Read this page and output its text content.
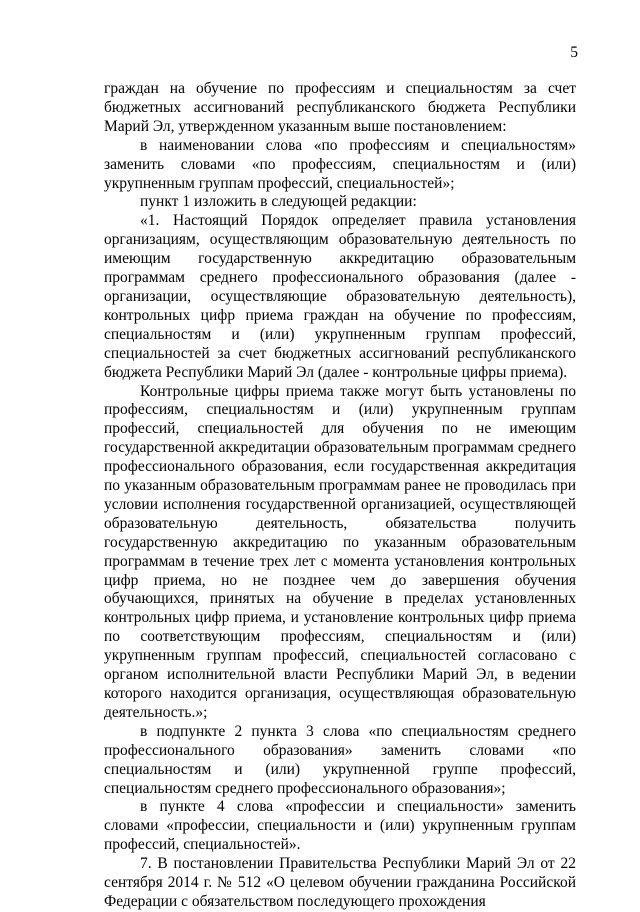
5

граждан на обучение по профессиям и специальностям за счет бюджетных ассигнований республиканского бюджета Республики Марий Эл, утвержденном указанным выше постановлением:

в наименовании слова «по профессиям и специальностям» заменить словами «по профессиям, специальностям и (или) укрупненным группам профессий, специальностей»;

пункт 1 изложить в следующей редакции:

«1. Настоящий Порядок определяет правила установления организациям, осуществляющим образовательную деятельность по имеющим государственную аккредитацию образовательным программам среднего профессионального образования (далее - организации, осуществляющие образовательную деятельность), контрольных цифр приема граждан на обучение по профессиям, специальностям и (или) укрупненным группам профессий, специальностей за счет бюджетных ассигнований республиканского бюджета Республики Марий Эл (далее - контрольные цифры приема).

Контрольные цифры приема также могут быть установлены по профессиям, специальностям и (или) укрупненным группам профессий, специальностей для обучения по не имеющим государственной аккредитации образовательным программам среднего профессионального образования, если государственная аккредитация по указанным образовательным программам ранее не проводилась при условии исполнения государственной организацией, осуществляющей образовательную деятельность, обязательства получить государственную аккредитацию по указанным образовательным программам в течение трех лет с момента установления контрольных цифр приема, но не позднее чем до завершения обучения обучающихся, принятых на обучение в пределах установленных контрольных цифр приема, и установление контрольных цифр приема по соответствующим профессиям, специальностям и (или) укрупненным группам профессий, специальностей согласовано с органом исполнительной власти Республики Марий Эл, в ведении которого находится организация, осуществляющая образовательную деятельность.»;

в подпункте 2 пункта 3 слова «по специальностям среднего профессионального образования» заменить словами «по специальностям и (или) укрупненной группе профессий, специальностям среднего профессионального образования»;

в пункте 4 слова «профессии и специальности» заменить словами «профессии, специальности и (или) укрупненным группам профессий, специальностей».

7. В постановлении Правительства Республики Марий Эл от 22 сентября 2014 г. № 512 «О целевом обучении гражданина Российской Федерации с обязательством последующего прохождения
